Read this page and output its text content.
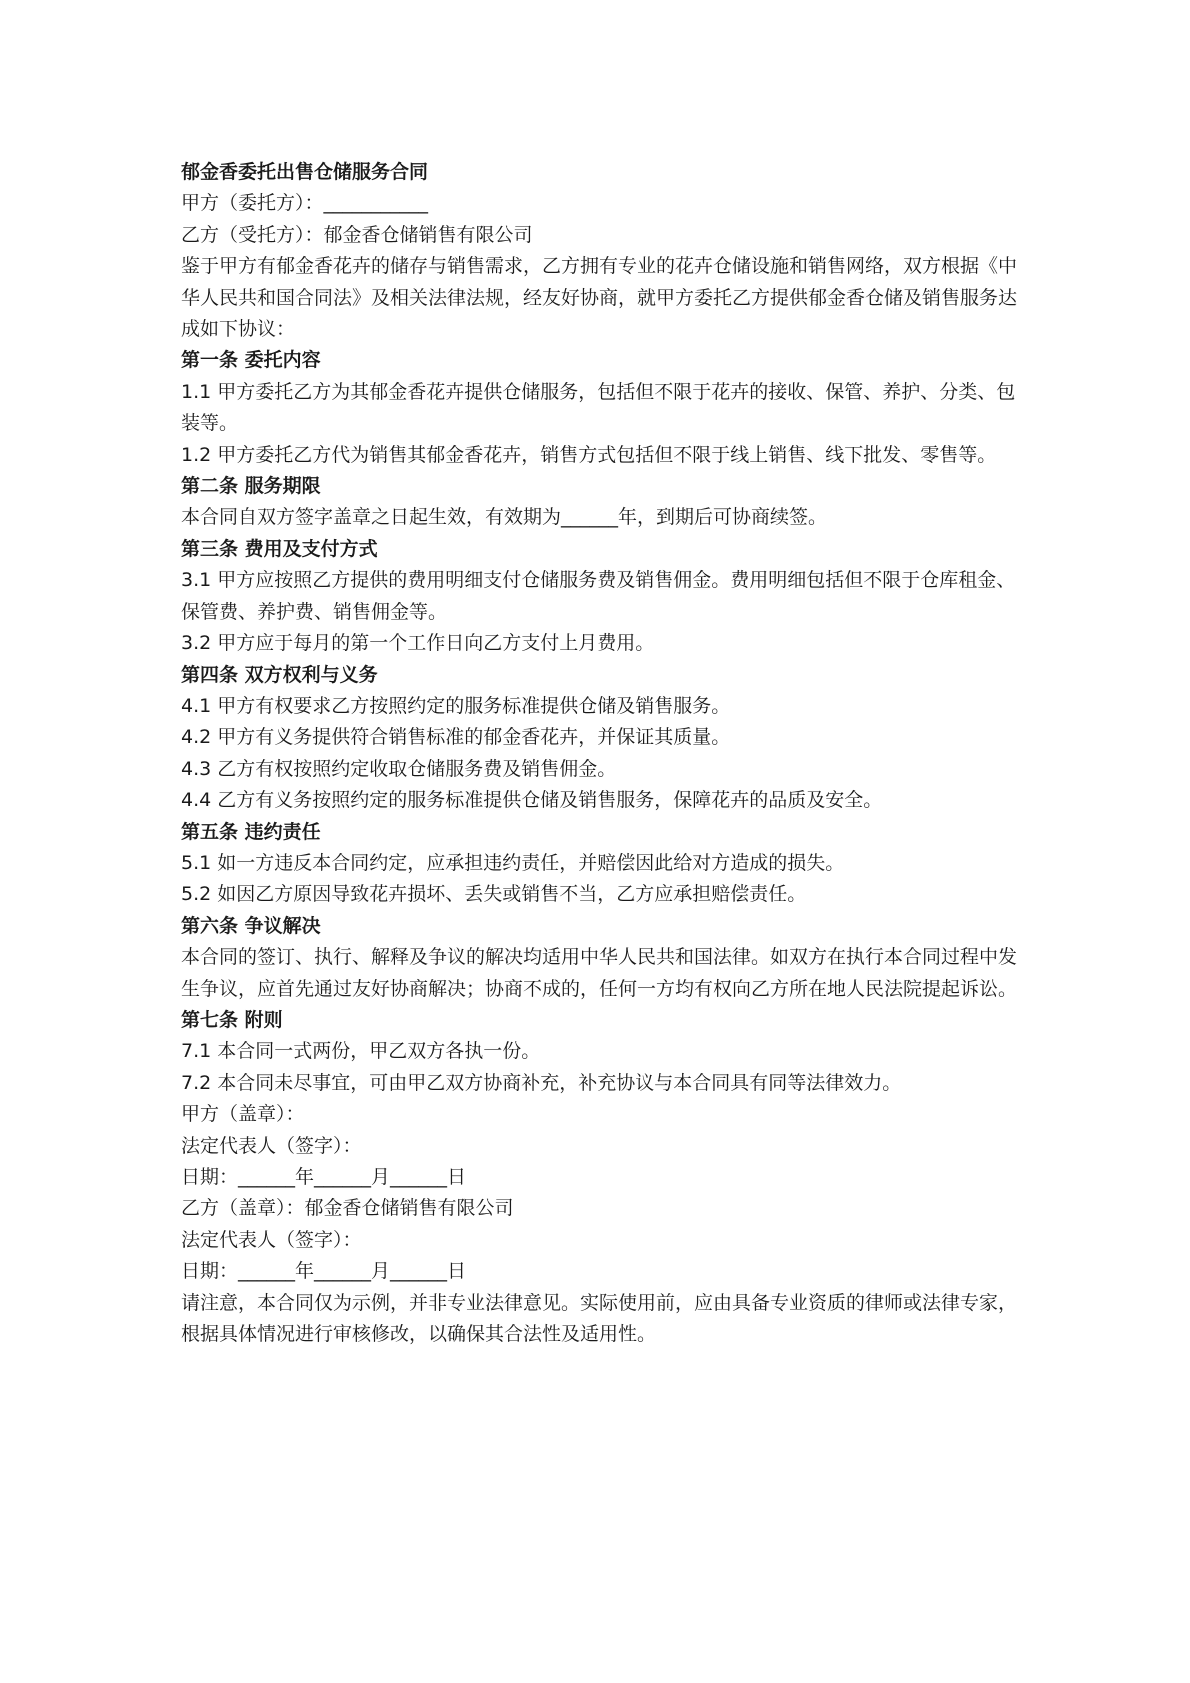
郁金香委托出售仓储服务合同

甲方（委托方）：___________

乙方（受托方）：郁金香仓储销售有限公司

鉴于甲方有郁金香花卉的储存与销售需求，乙方拥有专业的花卉仓储设施和销售网络，双方根据《中华人民共和国合同法》及相关法律法规，经友好协商，就甲方委托乙方提供郁金香仓储及销售服务达成如下协议：

第一条 委托内容

1.1 甲方委托乙方为其郁金香花卉提供仓储服务，包括但不限于花卉的接收、保管、养护、分类、包装等。

1.2 甲方委托乙方代为销售其郁金香花卉，销售方式包括但不限于线上销售、线下批发、零售等。

第二条 服务期限

本合同自双方签字盖章之日起生效，有效期为______年，到期后可协商续签。

第三条 费用及支付方式

3.1 甲方应按照乙方提供的费用明细支付仓储服务费及销售佣金。费用明细包括但不限于仓库租金、保管费、养护费、销售佣金等。

3.2 甲方应于每月的第一个工作日向乙方支付上月费用。

第四条 双方权利与义务

4.1 甲方有权要求乙方按照约定的服务标准提供仓储及销售服务。

4.2 甲方有义务提供符合销售标准的郁金香花卉，并保证其质量。

4.3 乙方有权按照约定收取仓储服务费及销售佣金。

4.4 乙方有义务按照约定的服务标准提供仓储及销售服务，保障花卉的品质及安全。

第五条 违约责任

5.1 如一方违反本合同约定，应承担违约责任，并赔偿因此给对方造成的损失。

5.2 如因乙方原因导致花卉损坏、丢失或销售不当，乙方应承担赔偿责任。

第六条 争议解决

本合同的签订、执行、解释及争议的解决均适用中华人民共和国法律。如双方在执行本合同过程中发生争议，应首先通过友好协商解决；协商不成的，任何一方均有权向乙方所在地人民法院提起诉讼。

第七条 附则

7.1 本合同一式两份，甲乙双方各执一份。

7.2 本合同未尽事宜，可由甲乙双方协商补充，补充协议与本合同具有同等法律效力。

甲方（盖章）：

法定代表人（签字）：

日期：______年______月______日

乙方（盖章）：郁金香仓储销售有限公司

法定代表人（签字）：

日期：______年______月______日

请注意，本合同仅为示例，并非专业法律意见。实际使用前，应由具备专业资质的律师或法律专家，根据具体情况进行审核修改，以确保其合法性及适用性。
